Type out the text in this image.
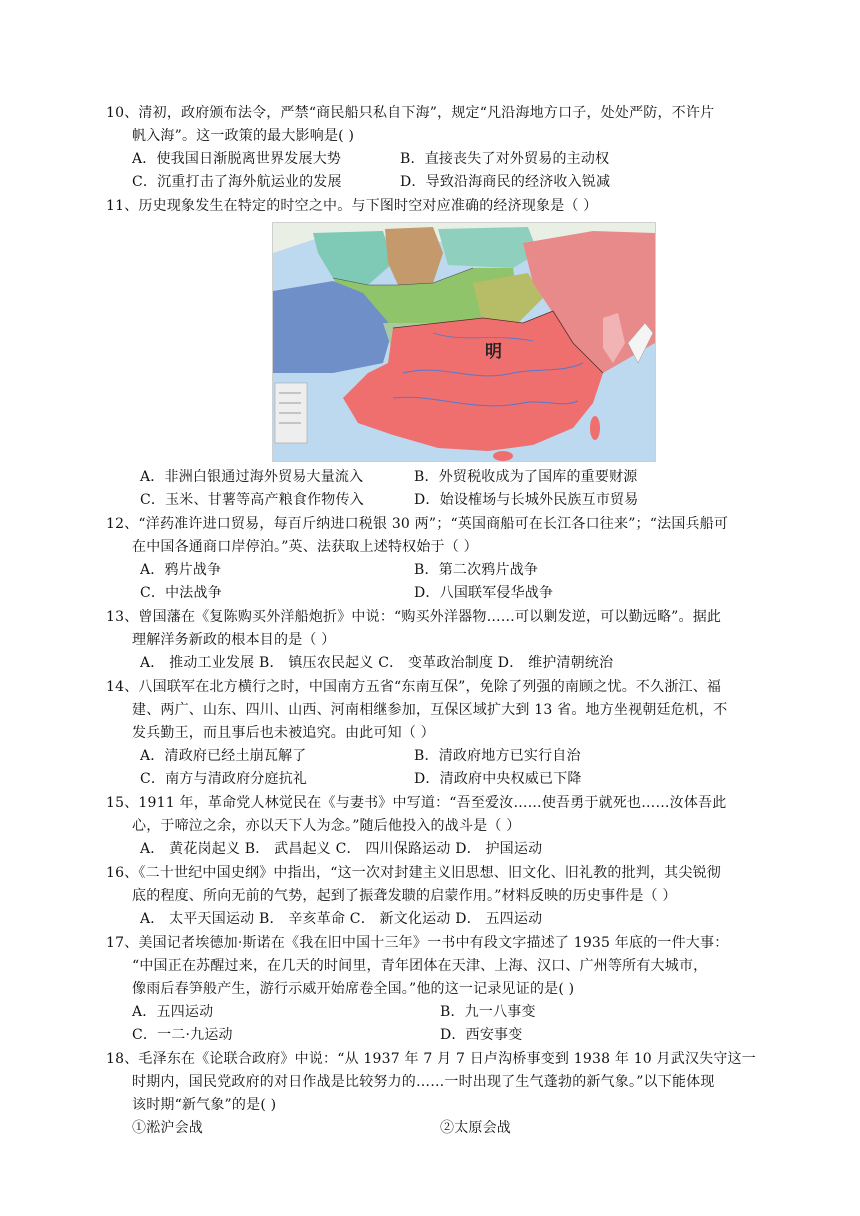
10、清初，政府颁布法令，严禁“商民船只私自下海”，规定“凡沿海地方口子，处处严防，不许片
帆入海”。这一政策的最大影响是( )
A．使我国日渐脱离世界发展大势	B．直接丧失了对外贸易的主动权
C．沉重打击了海外航运业的发展	D．导致沿海商民的经济收入锐减
11、历史现象发生在特定的时空之中。与下图时空对应准确的经济现象是（ ）
明
A．非洲白银通过海外贸易大量流入	B．外贸税收成为了国库的重要财源
C．玉米、甘薯等高产粮食作物传入	D．始设榷场与长城外民族互市贸易
12、“洋药准许进口贸易，每百斤纳进口税银 30 两”；“英国商船可在长江各口往来”；“法国兵船可
在中国各通商口岸停泊。”英、法获取上述特权始于（ ）
A．鸦片战争	B．第二次鸦片战争
C．中法战争	D．八国联军侵华战争
13、曾国藩在《复陈购买外洋船炮折》中说：“购买外洋器物……可以剿发逆，可以勤远略”。据此
理解洋务新政的根本目的是（ ）
A． 推动工业发展 B． 镇压农民起义 C． 变革政治制度 D． 维护清朝统治
14、八国联军在北方横行之时，中国南方五省“东南互保”，免除了列强的南顾之忧。不久浙江、福
建、两广、山东、四川、山西、河南相继参加，互保区域扩大到 13 省。地方坐视朝廷危机，不
发兵勤王，而且事后也未被追究。由此可知（ ）
A．清政府已经土崩瓦解了	B．清政府地方已实行自治
C．南方与清政府分庭抗礼	D．清政府中央权威已下降
15、1911 年，革命党人林觉民在《与妻书》中写道：“吾至爱汝……使吾勇于就死也……汝体吾此
心，于啼泣之余，亦以天下人为念。”随后他投入的战斗是（ ）
A． 黄花岗起义 B． 武昌起义 C． 四川保路运动 D． 护国运动
16、《二十世纪中国史纲》中指出，“这一次对封建主义旧思想、旧文化、旧礼教的批判，其尖锐彻
底的程度、所向无前的气势，起到了振聋发聩的启蒙作用。”材料反映的历史事件是（ ）
A． 太平天国运动 B． 辛亥革命 C． 新文化运动 D． 五四运动
17、美国记者埃德加·斯诺在《我在旧中国十三年》一书中有段文字描述了 1935 年底的一件大事：
“中国正在苏醒过来，在几天的时间里，青年团体在天津、上海、汉口、广州等所有大城市，
像雨后春笋般产生，游行示威开始席卷全国。”他的这一记录见证的是( )
A．五四运动	B．九一八事变
C．一二·九运动	D．西安事变
18、毛泽东在《论联合政府》中说：“从 1937 年 7 月 7 日卢沟桥事变到 1938 年 10 月武汉失守这一
时期内，国民党政府的对日作战是比较努力的……一时出现了生气蓬勃的新气象。”以下能体现
该时期“新气象”的是( )
①淞沪会战	②太原会战
